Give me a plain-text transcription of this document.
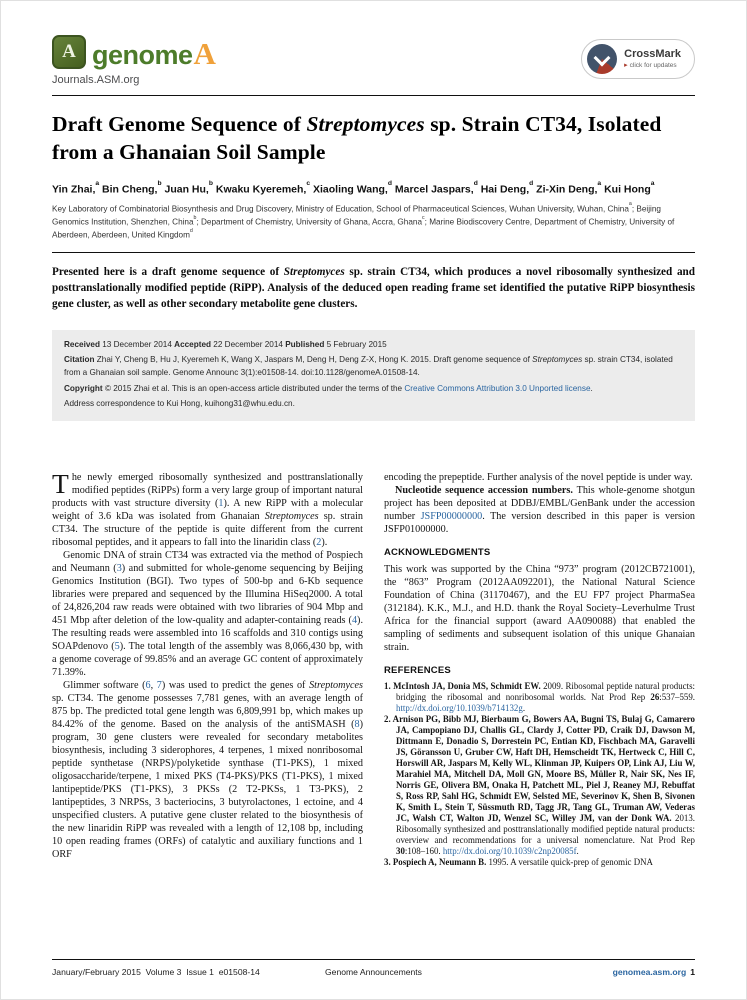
A
genome A
Journals.ASM.org
CrossMark
▸ click for updates
Draft Genome Sequence of Streptomyces sp. Strain CT34, Isolated from a Ghanaian Soil Sample
Yin Zhai,$^a$ Bin Cheng,$^b$ Juan Hu,$^b$ Kwaku Kyeremeh,$^c$ Xiaoling Wang,$^d$ Marcel Jaspars,$^d$ Hai Deng,$^d$ Zi-Xin Deng,$^a$ Kui Hong$^a$
Key Laboratory of Combinatorial Biosynthesis and Drug Discovery, Ministry of Education, School of Pharmaceutical Sciences, Wuhan University, Wuhan, China$^a$; Beijing Genomics Institution, Shenzhen, China$^b$; Department of Chemistry, University of Ghana, Accra, Ghana$^c$; Marine Biodiscovery Centre, Department of Chemistry, University of Aberdeen, Aberdeen, United Kingdom$^d$

Presented here is a draft genome sequence of Streptomyces sp. strain CT34, which produces a novel ribosomally synthesized and posttranslationally modified peptide (RiPP). Analysis of the deduced open reading frame set identified the putative RiPP biosynthesis gene cluster, as well as other secondary metabolite gene clusters.

Received 13 December 2014 Accepted 22 December 2014 Published 5 February 2015

Citation Zhai Y, Cheng B, Hu J, Kyeremeh K, Wang X, Jaspars M, Deng H, Deng Z-X, Hong K. 2015. Draft genome sequence of Streptomyces sp. strain CT34, isolated from a Ghanaian soil sample. Genome Announc 3(1):e01508-14. doi:10.1128/genomeA.01508-14.

Copyright © 2015 Zhai et al. This is an open-access article distributed under the terms of the Creative Commons Attribution 3.0 Unported license.

Address correspondence to Kui Hong, kuihong31@whu.edu.cn.

The newly emerged ribosomally synthesized and posttranslationally modified peptides (RiPPs) form a very large group of important natural products with vast structure diversity (1). A new RiPP with a molecular weight of 3.6 kDa was isolated from Ghanaian Streptomyces sp. strain CT34. The structure of the peptide is quite different from the current ribosomal peptides, and it appears to fall into the linaridin class (2).

Genomic DNA of strain CT34 was extracted via the method of Pospiech and Neumann (3) and submitted for whole-genome sequencing by Beijing Genomics Institution (BGI). Two types of 500-bp and 6-Kb sequence libraries were prepared and sequenced by the Illumina HiSeq2000. A total of 24,826,204 raw reads were obtained with two libraries of 904 Mbp and 451 Mbp after deletion of the low-quality and adapter-containing reads (4). The resulting reads were assembled into 16 scaffolds and 310 contigs using SOAPdenovo (5). The total length of the assembly was 8,066,430 bp, with a genome coverage of 99.85% and an average GC content of approximately 71.39%.

Glimmer software (6, 7) was used to predict the genes of Streptomyces sp. CT34. The genome possesses 7,781 genes, with an average length of 875 bp. The predicted total gene length was 6,809,991 bp, which makes up 84.42% of the genome. Based on the analysis of the antiSMASH (8) program, 30 gene clusters were revealed for secondary metabolites biosynthesis, including 3 siderophores, 4 terpenes, 1 mixed nonribosomal peptide synthetase (NRPS)/polyketide synthase (T1-PKS), 1 mixed oligosaccharide/terpene, 1 mixed PKS (T4-PKS)/PKS (T1-PKS), 1 mixed lantipeptide/PKS (T1-PKS), 3 PKSs (2 T2-PKSs, 1 T3-PKS), 2 lantipeptides, 3 NRPSs, 3 bacteriocins, 3 butyrolactones, 1 ectoine, and 4 unspecified clusters. A putative gene cluster related to the biosynthesis of the new linaridin RiPP was revealed with a length of 12,108 bp, including 10 open reading frames (ORFs) of catalytic and auxiliary functions and 1 ORF

encoding the prepeptide. Further analysis of the novel peptide is under way.

Nucleotide sequence accession numbers. This whole-genome shotgun project has been deposited at DDBJ/EMBL/GenBank under the accession number JSFP00000000. The version described in this paper is version JSFP01000000.

ACKNOWLEDGMENTS

This work was supported by the China “973” program (2012CB721001), the “863” Program (2012AA092201), the National Natural Science Foundation of China (31170467), and the EU FP7 project PharmaSea (312184). K.K., M.J., and H.D. thank the Royal Society–Leverhulme Trust Africa for the financial support (award AA090088) that enabled the sampling of sediments and subsequent isolation of this unique Ghanaian strain.

REFERENCES

1. McIntosh JA, Donia MS, Schmidt EW. 2009. Ribosomal peptide natural products: bridging the ribosomal and nonribosomal worlds. Nat Prod Rep 26:537–559. http://dx.doi.org/10.1039/b714132g.

2. Arnison PG, Bibb MJ, Bierbaum G, Bowers AA, Bugni TS, Bulaj G, Camarero JA, Campopiano DJ, Challis GL, Clardy J, Cotter PD, Craik DJ, Dawson M, Dittmann E, Donadio S, Dorrestein PC, Entian KD, Fischbach MA, Garavelli JS, Göransson U, Gruber CW, Haft DH, Hemscheidt TK, Hertweck C, Hill C, Horswill AR, Jaspars M, Kelly WL, Klinman JP, Kuipers OP, Link AJ, Liu W, Marahiel MA, Mitchell DA, Moll GN, Moore BS, Müller R, Nair SK, Nes IF, Norris GE, Olivera BM, Onaka H, Patchett ML, Piel J, Reaney MJ, Rebuffat S, Ross RP, Sahl HG, Schmidt EW, Selsted ME, Severinov K, Shen B, Sivonen K, Smith L, Stein T, Süssmuth RD, Tagg JR, Tang GL, Truman AW, Vederas JC, Walsh CT, Walton JD, Wenzel SC, Willey JM, van der Donk WA. 2013. Ribosomally synthesized and posttranslationally modified peptide natural products: overview and recommendations for a universal nomenclature. Nat Prod Rep 30:108–160. http://dx.doi.org/10.1039/c2np20085f.

3. Pospiech A, Neumann B. 1995. A versatile quick-prep of genomic DNA

January/February 2015  Volume 3  Issue 1  e01508-14	Genome Announcements	genomea.asm.org 1
